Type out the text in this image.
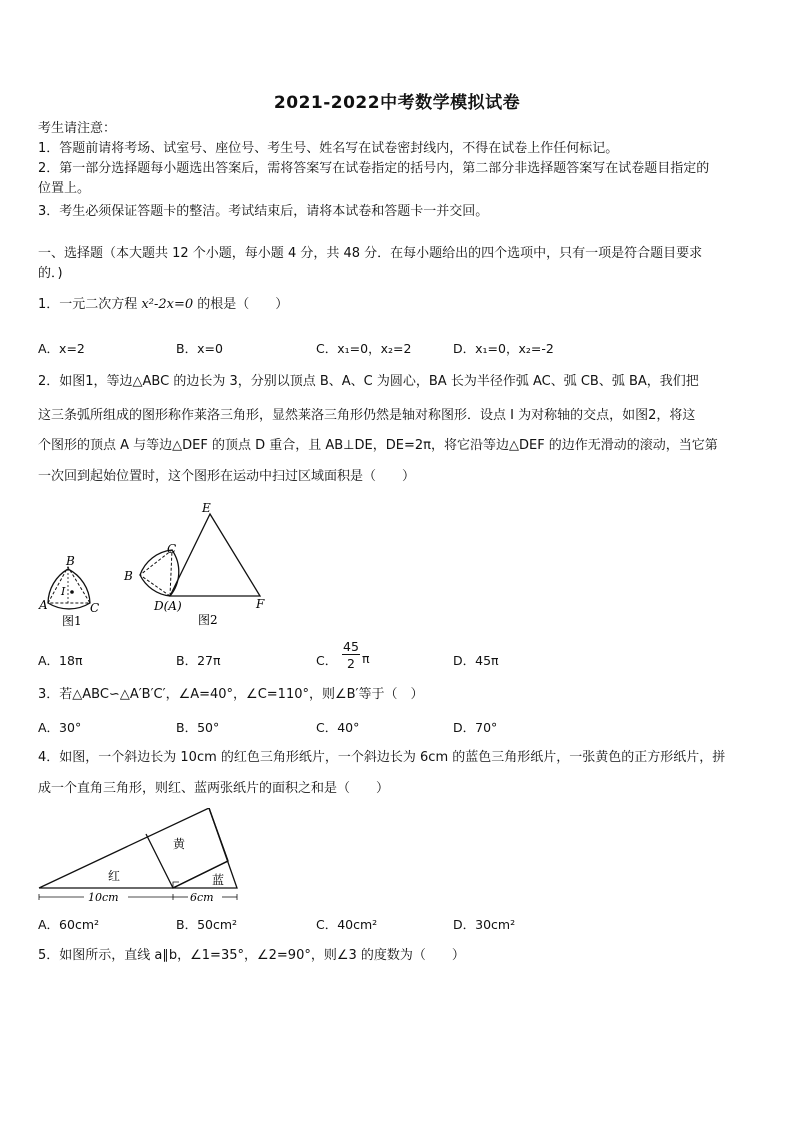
2021-2022中考数学模拟试卷
考生请注意：
1．答题前请将考场、试室号、座位号、考生号、姓名写在试卷密封线内，不得在试卷上作任何标记。
2．第一部分选择题每小题选出答案后，需将答案写在试卷指定的括号内，第二部分非选择题答案写在试卷题目指定的
位置上。
3．考生必须保证答题卡的整洁。考试结束后，请将本试卷和答题卡一并交回。
一、选择题（本大题共 12 个小题，每小题 4 分，共 48 分．在每小题给出的四个选项中，只有一项是符合题目要求
的．)
1．一元二次方程 x²-2x=0 的根是（　　）
A．x=2	B．x=0	C．x₁=0，x₂=2	D．x₁=0，x₂=-2
2．如图1，等边△ABC 的边长为 3，分别以顶点 B、A、C 为圆心，BA 长为半径作弧 AC、弧 CB、弧 BA，我们把
这三条弧所组成的图形称作莱洛三角形，显然莱洛三角形仍然是轴对称图形．设点 I 为对称轴的交点，如图2，将这
个图形的顶点 A 与等边△DEF 的顶点 D 重合，且 AB⊥DE，DE=2π，将它沿等边△DEF 的边作无滑动的滚动，当它第
一次回到起始位置时，这个图形在运动中扫过区域面积是（　　）
B
A	C
I
图1
E
C
B
D(A)	F
图2
A．18π	B．27π	C．
45
2 π	D．45π
3．若△ABC∽△A′B′C′，∠A=40°，∠C=110°，则∠B′等于（　）
A．30°	B．50°	C．40°	D．70°
4．如图，一个斜边长为 10cm 的红色三角形纸片，一个斜边长为 6cm 的蓝色三角形纸片，一张黄色的正方形纸片，拼
成一个直角三角形，则红、蓝两张纸片的面积之和是（　　）
黄
红	蓝
10cm	6cm
A．60cm²	B．50cm²	C．40cm²	D．30cm²
5．如图所示，直线 a∥b，∠1=35°，∠2=90°，则∠3 的度数为（　　）
